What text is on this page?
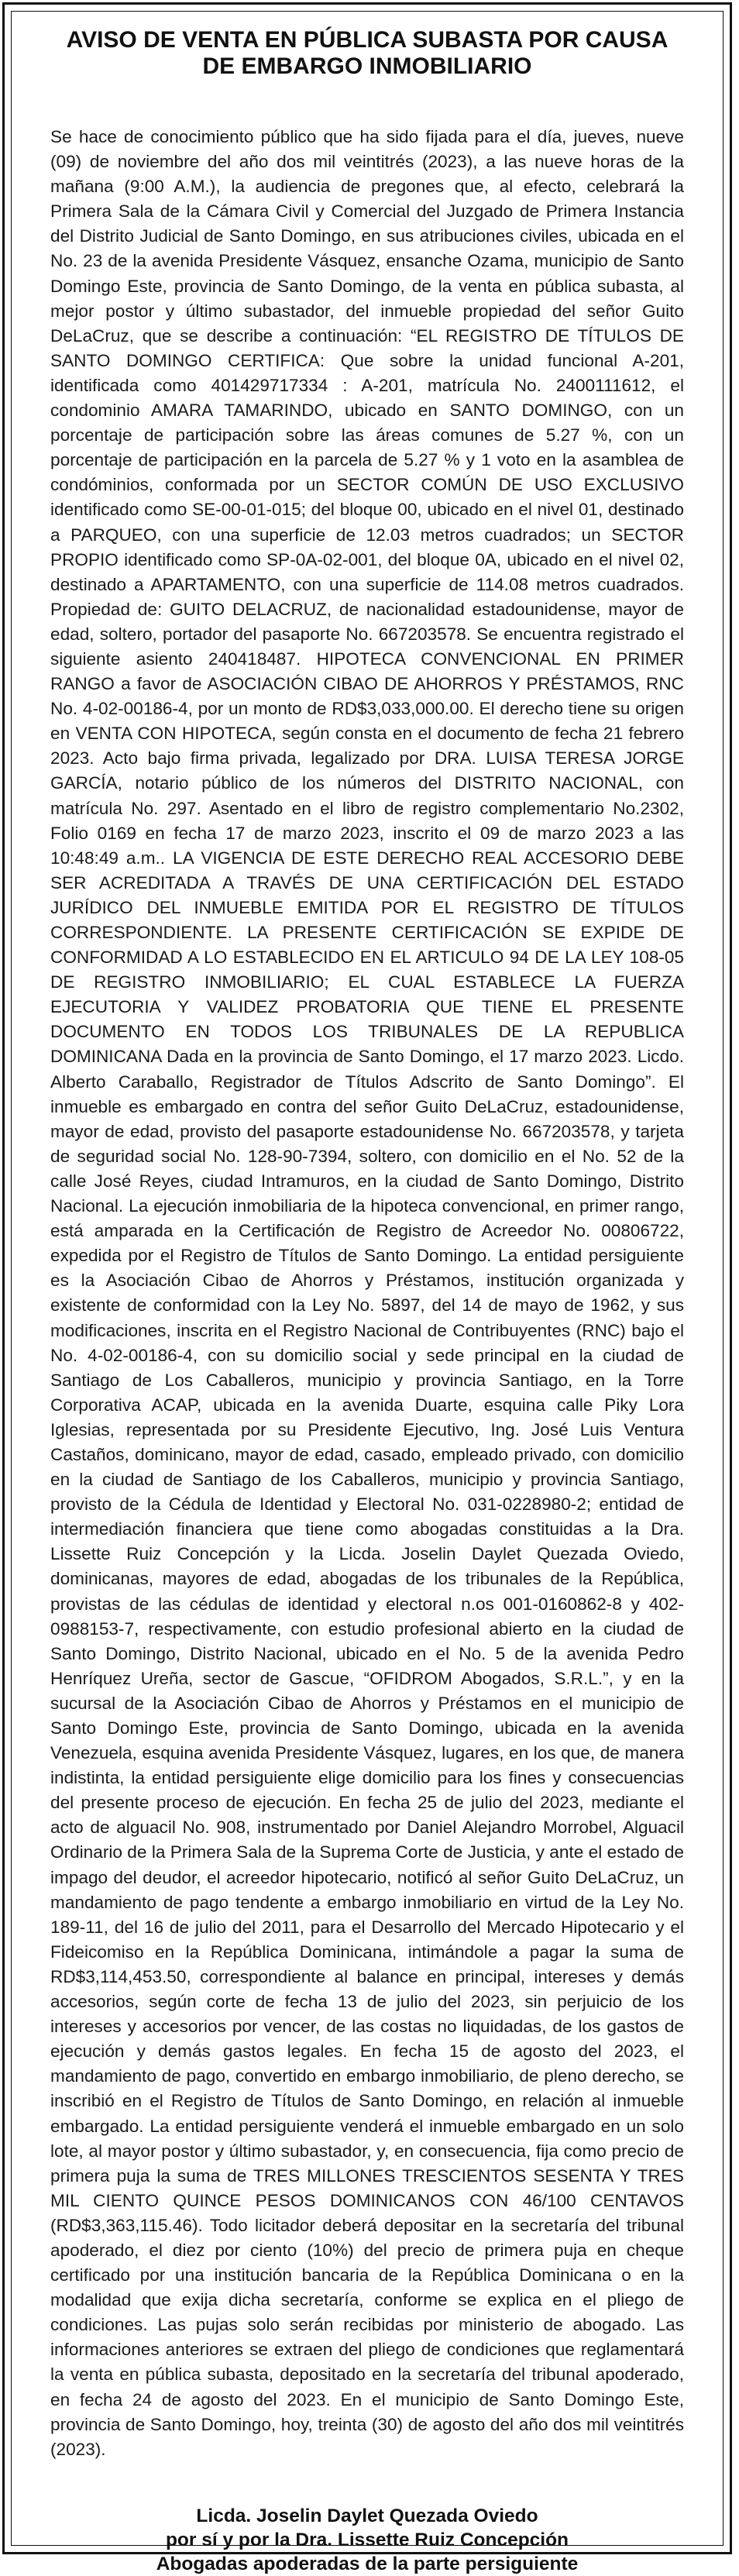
AVISO DE VENTA EN PÚBLICA SUBASTA POR CAUSA
DE EMBARGO INMOBILIARIO

Se hace de conocimiento público que ha sido fijada para el día, jueves, nueve (09) de noviembre del año dos mil veintitrés (2023), a las nueve horas de la mañana (9:00 A.M.), la audiencia de pregones que, al efecto, celebrará la Primera Sala de la Cámara Civil y Comercial del Juzgado de Primera Instancia del Distrito Judicial de Santo Domingo, en sus atribuciones civiles, ubicada en el No. 23 de la avenida Presidente Vásquez, ensanche Ozama, municipio de Santo Domingo Este, provincia de Santo Domingo, de la venta en pública subasta, al mejor postor y último subastador, del inmueble propiedad del señor Guito DeLaCruz, que se describe a continuación: “EL REGISTRO DE TÍTULOS DE SANTO DOMINGO CERTIFICA: Que sobre la unidad funcional A-201, identificada como 401429717334 : A-201, matrícula No. 2400111612, el condominio AMARA TAMARINDO, ubicado en SANTO DOMINGO, con un porcentaje de participación sobre las áreas comunes de 5.27 %, con un porcentaje de participación en la parcela de 5.27 % y 1 voto en la asamblea de condóminios, conformada por un SECTOR COMÚN DE USO EXCLUSIVO identificado como SE-00-01-015; del bloque 00, ubicado en el nivel 01, destinado a PARQUEO, con una superficie de 12.03 metros cuadrados; un SECTOR PROPIO identificado como SP-0A-02-001, del bloque 0A, ubicado en el nivel 02, destinado a APARTAMENTO, con una superficie de 114.08 metros cuadrados. Propiedad de: GUITO DELACRUZ, de nacionalidad estadounidense, mayor de edad, soltero, portador del pasaporte No. 667203578. Se encuentra registrado el siguiente asiento 240418487. HIPOTECA CONVENCIONAL EN PRIMER RANGO a favor de ASOCIACIÓN CIBAO DE AHORROS Y PRÉSTAMOS, RNC No. 4-02-00186-4, por un monto de RD$3,033,000.00. El derecho tiene su origen en VENTA CON HIPOTECA, según consta en el documento de fecha 21 febrero 2023. Acto bajo firma privada, legalizado por DRA. LUISA TERESA JORGE GARCÍA, notario público de los números del DISTRITO NACIONAL, con matrícula No. 297. Asentado en el libro de registro complementario No.2302, Folio 0169 en fecha 17 de marzo 2023, inscrito el 09 de marzo 2023 a las 10:48:49 a.m.. LA VIGENCIA DE ESTE DERECHO REAL ACCESORIO DEBE SER ACREDITADA A TRAVÉS DE UNA CERTIFICACIÓN DEL ESTADO JURÍDICO DEL INMUEBLE EMITIDA POR EL REGISTRO DE TÍTULOS CORRESPONDIENTE. LA PRESENTE CERTIFICACIÓN SE EXPIDE DE CONFORMIDAD A LO ESTABLECIDO EN EL ARTICULO 94 DE LA LEY 108-05 DE REGISTRO INMOBILIARIO; EL CUAL ESTABLECE LA FUERZA EJECUTORIA Y VALIDEZ PROBATORIA QUE TIENE EL PRESENTE DOCUMENTO EN TODOS LOS TRIBUNALES DE LA REPUBLICA DOMINICANA Dada en la provincia de Santo Domingo, el 17 marzo 2023. Licdo. Alberto Caraballo, Registrador de Títulos Adscrito de Santo Domingo”. El inmueble es embargado en contra del señor Guito DeLaCruz, estadounidense, mayor de edad, provisto del pasaporte estadounidense No. 667203578, y tarjeta de seguridad social No. 128-90-7394, soltero, con domicilio en el No. 52 de la calle José Reyes, ciudad Intramuros, en la ciudad de Santo Domingo, Distrito Nacional. La ejecución inmobiliaria de la hipoteca convencional, en primer rango, está amparada en la Certificación de Registro de Acreedor No. 00806722, expedida por el Registro de Títulos de Santo Domingo. La entidad persiguiente es la Asociación Cibao de Ahorros y Préstamos, institución organizada y existente de conformidad con la Ley No. 5897, del 14 de mayo de 1962, y sus modificaciones, inscrita en el Registro Nacional de Contribuyentes (RNC) bajo el No. 4-02-00186-4, con su domicilio social y sede principal en la ciudad de Santiago de Los Caballeros, municipio y provincia Santiago, en la Torre Corporativa ACAP, ubicada en la avenida Duarte, esquina calle Piky Lora Iglesias, representada por su Presidente Ejecutivo, Ing. José Luis Ventura Castaños, dominicano, mayor de edad, casado, empleado privado, con domicilio en la ciudad de Santiago de los Caballeros, municipio y provincia Santiago, provisto de la Cédula de Identidad y Electoral No. 031-0228980-2; entidad de intermediación financiera que tiene como abogadas constituidas a la Dra. Lissette Ruiz Concepción y la Licda. Joselin Daylet Quezada Oviedo, dominicanas, mayores de edad, abogadas de los tribunales de la República, provistas de las cédulas de identidad y electoral n.os 001-0160862-8 y 402-0988153-7, respectivamente, con estudio profesional abierto en la ciudad de Santo Domingo, Distrito Nacional, ubicado en el No. 5 de la avenida Pedro Henríquez Ureña, sector de Gascue, “OFIDROM Abogados, S.R.L.”, y en la sucursal de la Asociación Cibao de Ahorros y Préstamos en el municipio de Santo Domingo Este, provincia de Santo Domingo, ubicada en la avenida Venezuela, esquina avenida Presidente Vásquez, lugares, en los que, de manera indistinta, la entidad persiguiente elige domicilio para los fines y consecuencias del presente proceso de ejecución. En fecha 25 de julio del 2023, mediante el acto de alguacil No. 908, instrumentado por Daniel Alejandro Morrobel, Alguacil Ordinario de la Primera Sala de la Suprema Corte de Justicia, y ante el estado de impago del deudor, el acreedor hipotecario, notificó al señor Guito DeLaCruz, un mandamiento de pago tendente a embargo inmobiliario en virtud de la Ley No. 189-11, del 16 de julio del 2011, para el Desarrollo del Mercado Hipotecario y el Fideicomiso en la República Dominicana, intimándole a pagar la suma de RD$3,114,453.50, correspondiente al balance en principal, intereses y demás accesorios, según corte de fecha 13 de julio del 2023, sin perjuicio de los intereses y accesorios por vencer, de las costas no liquidadas, de los gastos de ejecución y demás gastos legales. En fecha 15 de agosto del 2023, el mandamiento de pago, convertido en embargo inmobiliario, de pleno derecho, se inscribió en el Registro de Títulos de Santo Domingo, en relación al inmueble embargado. La entidad persiguiente venderá el inmueble embargado en un solo lote, al mayor postor y último subastador, y, en consecuencia, fija como precio de primera puja la suma de TRES MILLONES TRESCIENTOS SESENTA Y TRES MIL CIENTO QUINCE PESOS DOMINICANOS CON 46/100 CENTAVOS (RD$3,363,115.46). Todo licitador deberá depositar en la secretaría del tribunal apoderado, el diez por ciento (10%) del precio de primera puja en cheque certificado por una institución bancaria de la República Dominicana o en la modalidad que exija dicha secretaría, conforme se explica en el pliego de condiciones. Las pujas solo serán recibidas por ministerio de abogado. Las informaciones anteriores se extraen del pliego de condiciones que reglamentará la venta en pública subasta, depositado en la secretaría del tribunal apoderado, en fecha 24 de agosto del 2023. En el municipio de Santo Domingo Este, provincia de Santo Domingo, hoy, treinta (30) de agosto del año dos mil veintitrés (2023).

Licda. Joselin Daylet Quezada Oviedo
por sí y por la Dra. Lissette Ruiz Concepción
Abogadas apoderadas de la parte persiguiente
